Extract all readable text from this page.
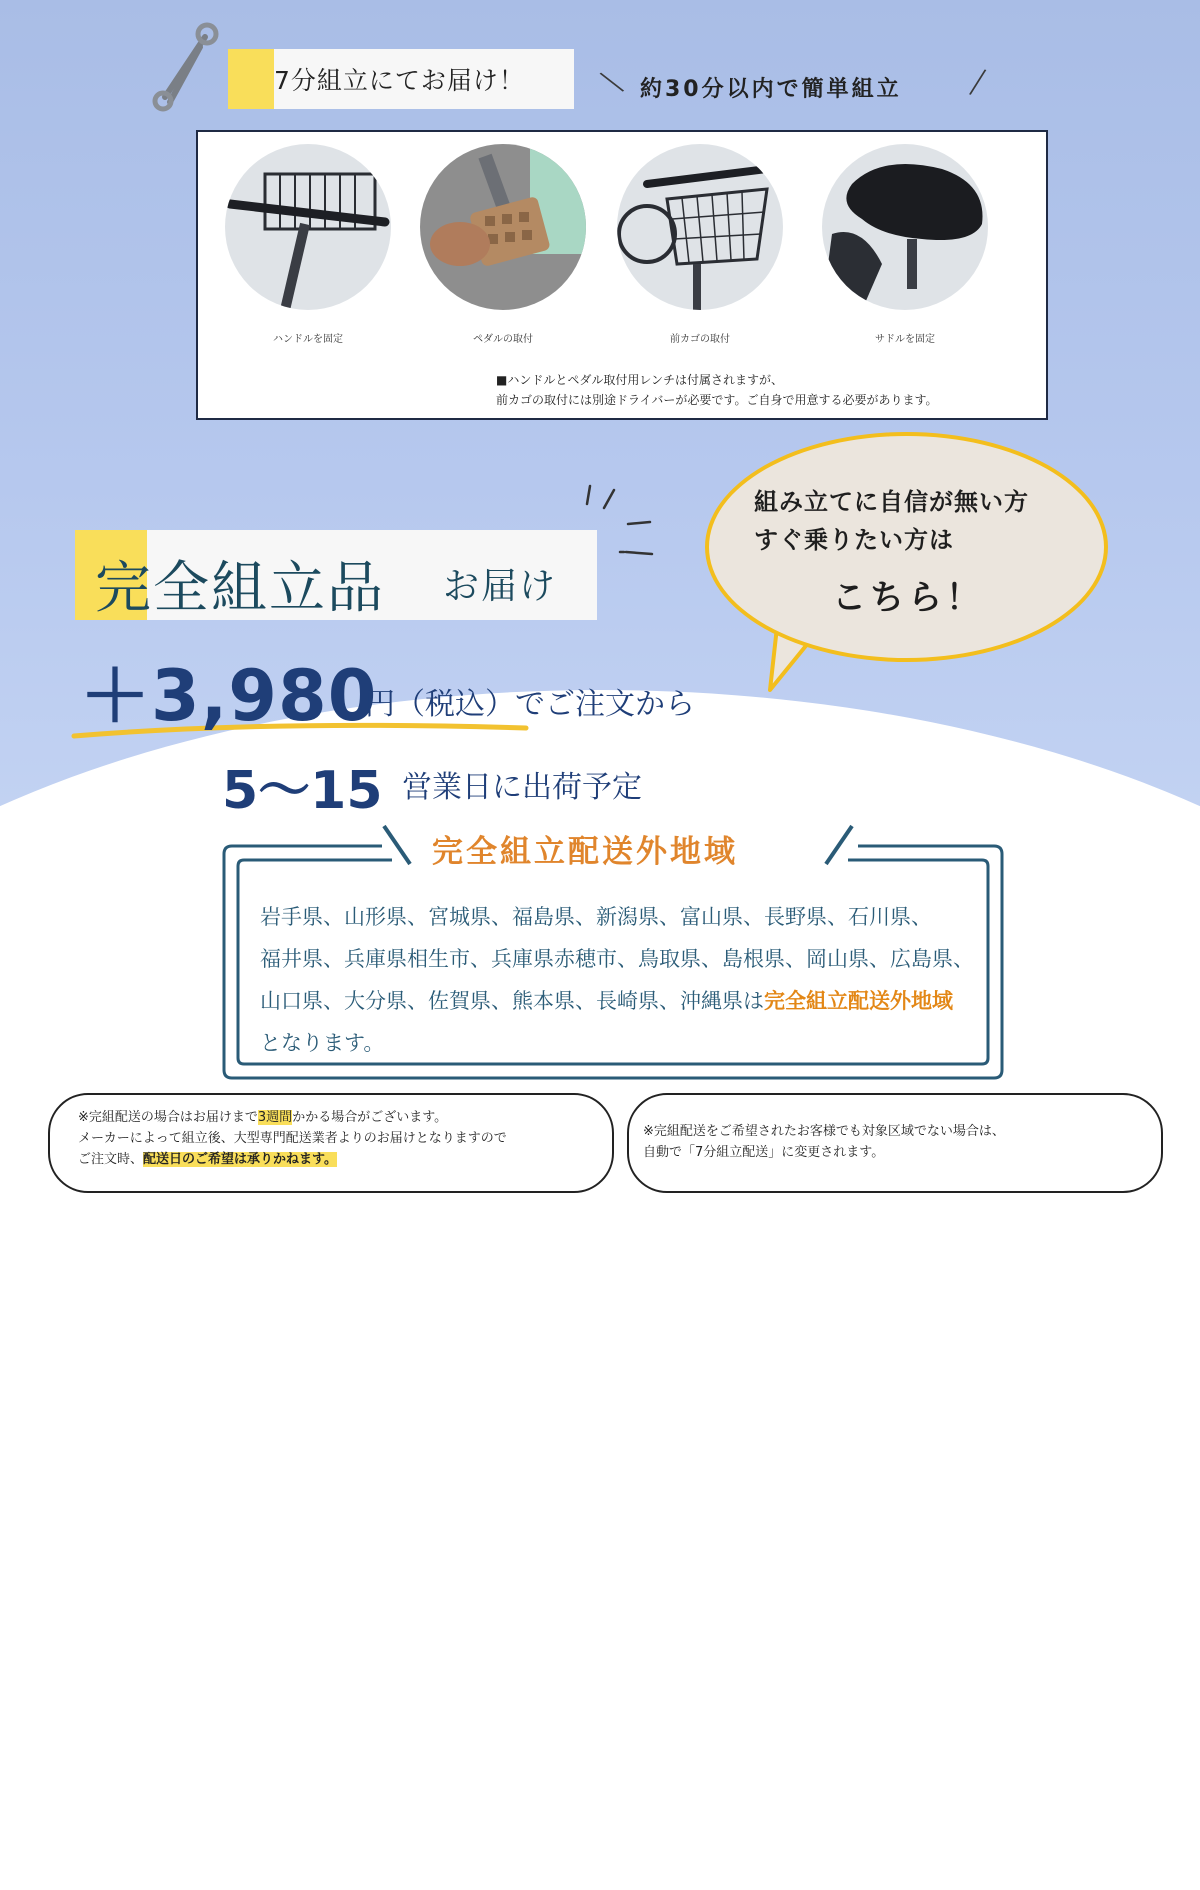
7分組立にてお届け！ \	/
約30分以内で簡単組立
ハンドルを固定	ペダルの取付	前カゴの取付	サドルを固定
■ハンドルとペダル取付用レンチは付属されますが、
前カゴの取付には別途ドライバーが必要です。ご自身で用意する必要があります。
完全組立品 お届け
組み立てに自信が無い方
すぐ乗りたい方は
こちら！
＋3,980
円（税込）でご注文から
5〜15 営業日に出荷予定
完全組立配送外地域
岩手県、山形県、宮城県、福島県、新潟県、富山県、長野県、石川県、
福井県、兵庫県相生市、兵庫県赤穂市、鳥取県、島根県、岡山県、広島県、
山口県、大分県、佐賀県、熊本県、長崎県、沖縄県は完全組立配送外地域
となります。
※完組配送の場合はお届けまで3週間かかる場合がございます。
メーカーによって組立後、大型専門配送業者よりのお届けとなりますので
ご注文時、配送日のご希望は承りかねます。
※完組配送をご希望されたお客様でも対象区域でない場合は、
自動で「7分組立配送」に変更されます。
